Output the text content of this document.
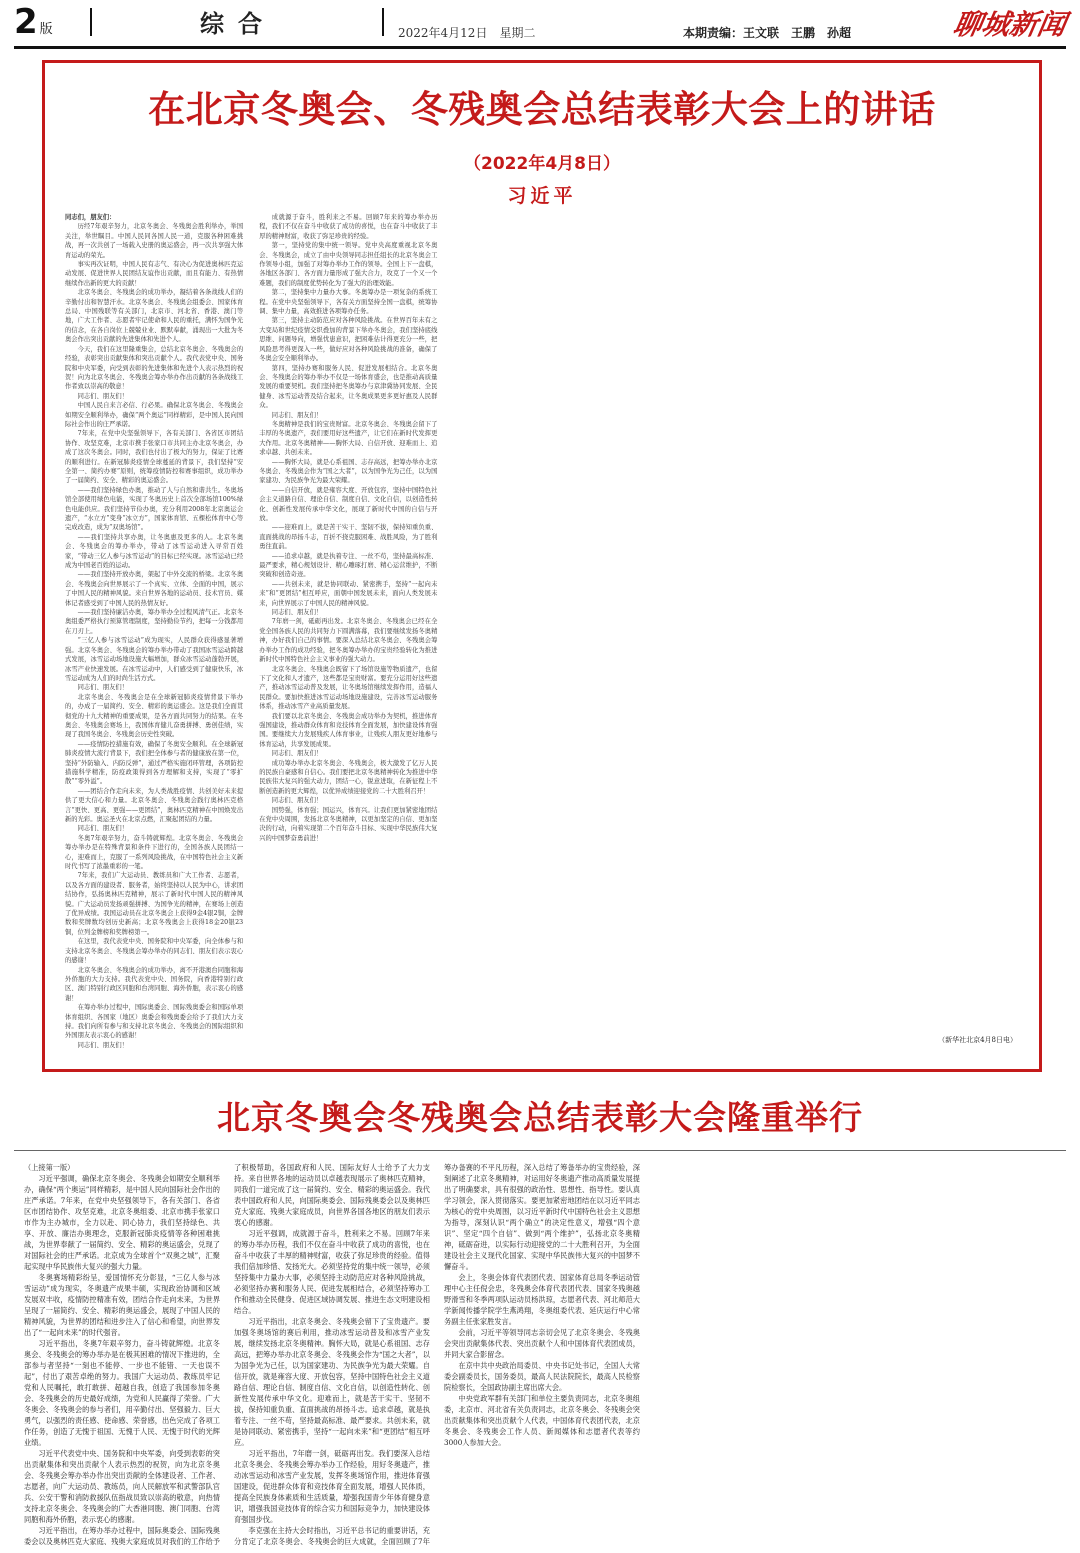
2 版	综合	2022年4月12日　星期二	本期责编：王文联　王鹏　孙超	聊城新闻
在北京冬奥会、冬残奥会总结表彰大会上的讲话
（2022年4月8日）
习近平

同志们，朋友们：

历经7年艰辛努力，北京冬奥会、冬残奥会胜利举办，举国关注，举世瞩目。中国人民同各国人民一道，克服各种困难挑战，再一次共创了一场载入史册的奥运盛会，再一次共享强大体育运动的荣光。

事实再次证明，中国人民有志气、有决心为促进奥林匹克运动发展、促进世界人民团结友谊作出贡献，而且有能力、有热情继续作出新的更大的贡献！

北京冬奥会、冬残奥会的成功举办，凝结着各条战线人们的辛勤付出和智慧汗水。北京冬奥会、冬残奥会组委会、国家体育总局、中国残联等有关部门，北京市、河北省、香港、澳门等地，广大工作者、志愿者牢记使命和人民的重托，满怀为国争光的信念，在各自岗位上兢兢业业、默默奉献，涌现出一大批为冬奥会作出突出贡献的先进集体和先进个人。

今天，我们在这里隆重集会，总结北京冬奥会、冬残奥会的经验，表彰突出贡献集体和突出贡献个人。我代表党中央、国务院和中央军委，向受到表彰的先进集体和先进个人表示热烈的祝贺！向为北京冬奥会、冬残奥会筹办举办作出贡献的各条战线工作者致以崇高的敬意！

同志们、朋友们！

中国人民自来言必信、行必果。确保北京冬奥会、冬残奥会如期安全顺利举办，确保“两个奥运”同样精彩，是中国人民向国际社会作出的庄严承诺。

7年来，在党中央坚强领导下，各有关部门、各省区市团结协作、攻坚克难，北京市携手张家口市共同主办北京冬奥会，办成了这次冬奥会。同时，我们也付出了极大的努力，保证了比赛的顺利进行。在新冠肺炎疫情全球蔓延的背景下，我们坚持“安全第一、简约办赛”原则，统筹疫情防控和赛事组织，成功举办了一届简约、安全、精彩的奥运盛会。

——我们坚持绿色办奥，推动了人与自然和谐共生。冬奥场馆全部使用绿色电能，实现了冬奥历史上首次全部场馆100%绿色电能供应。我们坚持节俭办奥，充分利用2008年北京奥运会遗产，“水立方”变身“冰立方”，国家体育馆、五棵松体育中心等完成改造，成为“双奥场馆”。

——我们坚持共享办奥，让冬奥惠及更多的人。北京冬奥会、冬残奥会的筹办举办，带动了冰雪运动进入寻常百姓家，“带动三亿人参与冰雪运动”的目标已经实现。冰雪运动已经成为中国老百姓的运动。

——我们坚持开放办奥，架起了中外交流的桥梁。北京冬奥会、冬残奥会向世界展示了一个真实、立体、全面的中国，展示了中国人民的精神风貌。来自世界各地的运动员、技术官员、媒体记者感受到了中国人民的热情友好。

——我们坚持廉洁办奥，筹办举办全过程风清气正。北京冬奥组委严格执行预算管理制度，坚持勤俭节约，把每一分钱都用在刀刃上。

“三亿人参与冰雪运动”成为现实，人民群众获得感显著增强。北京冬奥会、冬残奥会的筹办举办带动了我国冰雪运动跨越式发展，冰雪运动场地设施大幅增加，群众冰雪运动蓬勃开展，冰雪产业快速发展。在冰雪运动中，人们感受到了健康快乐，冰雪运动成为人们的时尚生活方式。

同志们、朋友们！

北京冬奥会、冬残奥会是在全球新冠肺炎疫情背景下举办的，办成了一届简约、安全、精彩的奥运盛会。这是我们全面贯彻党的十九大精神的重要成果，是各方面共同努力的结果。在冬奥会、冬残奥会赛场上，我国体育健儿奋勇拼搏、勇创佳绩，实现了我国冬奥会、冬残奥会历史性突破。

——疫情防控措施有效，确保了冬奥安全顺利。在全球新冠肺炎疫情大流行背景下，我们把全体参与者的健康放在第一位，坚持“外防输入、内防反弹”，通过严格实施闭环管理，各项防控措施科学精准，防疫政策得到各方理解和支持，实现了“零扩散”“零外溢”。

——团结合作走向未来，为人类战胜疫情、共创美好未来提供了更大信心和力量。北京冬奥会、冬残奥会践行奥林匹克格言“更快、更高、更强——更团结”，奥林匹克精神在中国焕发出新的光彩。奥运圣火在北京点燃，汇聚起团结的力量。

同志们、朋友们！

冬奥7年艰辛努力，奋斗铸就辉煌。北京冬奥会、冬残奥会筹办举办是在特殊背景和条件下进行的，全国各族人民团结一心，迎难而上，克服了一系列风险挑战，在中国特色社会主义新时代书写了浓墨重彩的一笔。

7年来，我们广大运动员、教练员和广大工作者、志愿者，以及各方面的建设者、服务者，始终坚持以人民为中心，讲求团结协作，弘扬奥林匹克精神，展示了新时代中国人民的精神风貌。广大运动员发扬顽强拼搏、为国争光的精神，在赛场上创造了优异成绩。我国运动员在北京冬奥会上获得9金4银2铜，金牌数和奖牌数均创历史新高；北京冬残奥会上获得18金20银23铜，位列金牌榜和奖牌榜第一。

在这里，我代表党中央、国务院和中央军委，向全体参与和支持北京冬奥会、冬残奥会筹办举办的同志们、朋友们表示衷心的感谢！

北京冬奥会、冬残奥会的成功举办，离不开港澳台同胞和海外侨胞的大力支持。我代表党中央、国务院，向香港特别行政区、澳门特别行政区同胞和台湾同胞、海外侨胞，表示衷心的感谢！

在筹办举办过程中，国际奥委会、国际残奥委会和国际单项体育组织、各国家（地区）奥委会和残奥委会给予了我们大力支持。我们向所有参与和支持北京冬奥会、冬残奥会的国际组织和外国朋友表示衷心的感谢！

同志们、朋友们！

成就源于奋斗，胜利来之不易。回顾7年来的筹办举办历程，我们不仅在奋斗中收获了成功的喜悦，也在奋斗中收获了丰厚的精神财富，收获了弥足珍贵的经验。

第一，坚持党的集中统一领导。党中央高度重视北京冬奥会、冬残奥会，成立了由中央领导同志担任组长的北京冬奥会工作领导小组，加强了对筹办举办工作的领导。全国上下一盘棋，各地区各部门、各方面力量形成了强大合力，攻克了一个又一个难题，我们的制度优势转化为了强大的治理效能。

第二，坚持集中力量办大事。冬奥筹办是一项复杂的系统工程。在党中央坚强领导下，各有关方面坚持全国一盘棋，统筹协调、集中力量，高效推进各项筹办任务。

第三，坚持主动防范应对各种风险挑战。在世界百年未有之大变局和世纪疫情交织叠加的背景下举办冬奥会，我们坚持底线思维、问题导向，增强忧患意识，把困难估计得更充分一些，把风险思考得更深入一些，做好应对各种风险挑战的准备，确保了冬奥会安全顺利举办。

第四，坚持办赛和服务人民、促进发展相结合。北京冬奥会、冬残奥会的筹办举办不仅是一场体育盛会，也是推动高质量发展的重要契机。我们坚持把冬奥筹办与京津冀协同发展、全民健身、冰雪运动普及结合起来，让冬奥成果更多更好惠及人民群众。

同志们、朋友们！

冬奥精神是我们的宝贵财富。北京冬奥会、冬残奥会留下了丰厚的冬奥遗产，我们要用好这些遗产，让它们在新时代发挥更大作用。北京冬奥精神——胸怀大局、自信开放、迎难而上、追求卓越、共创未来。

——胸怀大局，就是心系祖国、志存高远，把筹办举办北京冬奥会、冬残奥会作为“国之大者”，以为国争光为己任，以为国家建功、为民族争光为最大荣耀。

——自信开放，就是雍容大度、开放包容，坚持中国特色社会主义道路自信、理论自信、制度自信、文化自信，以创造性转化、创新性发展传承中华文化，展现了新时代中国的自信与开放。

——迎难而上，就是苦干实干、坚韧不拔，保持知重负重、直面挑战的昂扬斗志，百折不挠克服困难、战胜风险，为了胜利勇往直前。

——追求卓越，就是执着专注、一丝不苟，坚持最高标准、最严要求，精心规划设计、精心雕琢打磨、精心运营维护，不断突破和创造奇迹。

——共创未来，就是协同联动、紧密携手，坚持“一起向未来”和“更团结”相互呼应，面朝中国发展未来，面向人类发展未来，向世界展示了中国人民的精神风貌。

同志们、朋友们！

7年磨一剑，砥砺再出发。北京冬奥会、冬残奥会已经在全党全国各族人民的共同努力下圆满落幕，我们要继续发扬冬奥精神，办好我们自己的事情。要深入总结北京冬奥会、冬残奥会筹办举办工作的成功经验，把冬奥筹办举办的宝贵经验转化为推进新时代中国特色社会主义事业的强大动力。

北京冬奥会、冬残奥会既留下了场馆设施等物质遗产，也留下了文化和人才遗产，这些都是宝贵财富。要充分运用好这些遗产，推动冰雪运动普及发展，让冬奥场馆继续发挥作用，造福人民群众。要加快推进冰雪运动场地设施建设，完善冰雪运动服务体系，推动冰雪产业高质量发展。

我们要以北京冬奥会、冬残奥会成功举办为契机，推进体育强国建设，推动群众体育和竞技体育全面发展，加快建设体育强国。要继续大力发展残疾人体育事业，让残疾人朋友更好地参与体育运动，共享发展成果。

同志们、朋友们！

成功筹办举办北京冬奥会、冬残奥会，极大激发了亿万人民的民族自豪感和自信心。我们要把北京冬奥精神转化为推进中华民族伟大复兴的强大动力，团结一心，锐意进取，在新征程上不断创造新的更大辉煌，以优异成绩迎接党的二十大胜利召开！

同志们、朋友们！

国势强，体育强；国运兴，体育兴。让我们更加紧密地团结在党中央周围，发扬北京冬奥精神，以更加坚定的自信、更加坚决的行动，向着实现第二个百年奋斗目标、实现中华民族伟大复兴的中国梦奋勇前进！

（新华社北京4月8日电）
北京冬奥会冬残奥会总结表彰大会隆重举行

（上接第一版）

习近平强调，确保北京冬奥会、冬残奥会如期安全顺利举办，确保“两个奥运”同样精彩，是中国人民向国际社会作出的庄严承诺。7年来，在党中央坚强领导下，各有关部门、各省区市团结协作、攻坚克难，北京冬奥组委、北京市携手张家口市作为主办城市，全力以赴、同心协力，我们坚持绿色、共享、开放、廉洁办奥理念，克服新冠肺炎疫情等各种困难挑战，为世界奉献了一届简约、安全、精彩的奥运盛会，兑现了对国际社会的庄严承诺。北京成为全球首个“双奥之城”，汇聚起实现中华民族伟大复兴的强大力量。

冬奥赛场精彩纷呈，爱国情怀充分彰显，“三亿人参与冰雪运动”成为现实，冬奥遗产成果丰硕，实现政治协调和区域发展双丰收，疫情防控精准有效，团结合作走向未来，为世界呈现了一届简约、安全、精彩的奥运盛会，展现了中国人民的精神风貌，为世界的团结和进步注入了信心和希望，向世界发出了“一起向未来”的时代强音。

习近平指出，冬奥7年艰辛努力，奋斗铸就辉煌。北京冬奥会、冬残奥会的筹办举办是在极其困难的情况下推进的，全部参与者坚持“一刻也不能停、一步也不能错、一天也误不起”，付出了艰苦卓绝的努力。我国广大运动员、教练员牢记党和人民嘱托，敢打敢拼、超越自我，创造了我国参加冬奥会、冬残奥会的历史最好成绩，为党和人民赢得了荣誉。广大冬奥会、冬残奥会的参与者们，用辛勤付出、坚强毅力、巨大勇气，以强烈的责任感、使命感、荣誉感，出色完成了各项工作任务，创造了无愧于祖国、无愧于人民、无愧于时代的光辉业绩。

习近平代表党中央、国务院和中央军委，向受到表彰的突出贡献集体和突出贡献个人表示热烈的祝贺，向为北京冬奥会、冬残奥会筹办举办作出突出贡献的全体建设者、工作者、志愿者，向广大运动员、教练员，向人民解放军和武警部队官兵、公安干警和消防救援队伍指战员致以崇高的敬意，向热情支持北京冬奥会、冬残奥会的广大香港同胞、澳门同胞、台湾同胞和海外侨胞，表示衷心的感谢。

习近平指出，在筹办举办过程中，国际奥委会、国际残奥委会以及奥林匹克大家庭、残奥大家庭成员对我们的工作给予了积极帮助，各国政府和人民、国际友好人士给予了大力支持。来自世界各地的运动员以卓越表现展示了奥林匹克精神，同我们一道完成了这一届简约、安全、精彩的奥运盛会。我代表中国政府和人民，向国际奥委会、国际残奥委会以及奥林匹克大家庭、残奥大家庭成员，向世界各国各地区的朋友们表示衷心的感谢。

习近平强调，成就源于奋斗，胜利来之不易。回顾7年来的筹办举办历程，我们不仅在奋斗中收获了成功的喜悦，也在奋斗中收获了丰厚的精神财富，收获了弥足珍贵的经验。值得我们倍加珍惜、发扬光大。必须坚持党的集中统一领导，必须坚持集中力量办大事，必须坚持主动防范应对各种风险挑战，必须坚持办赛和服务人民、促进发展相结合，必须坚持筹办工作和推动全民健身、促进区域协调发展、推进生态文明建设相结合。

习近平指出，北京冬奥会、冬残奥会留下了宝贵遗产。要加强冬奥场馆的赛后利用，推动冰雪运动普及和冰雪产业发展，继续发扬北京冬奥精神。胸怀大局，就是心系祖国、志存高远，把筹办举办北京冬奥会、冬残奥会作为“国之大者”，以为国争光为己任，以为国家建功、为民族争光为最大荣耀。自信开放，就是雍容大度、开放包容，坚持中国特色社会主义道路自信、理论自信、制度自信、文化自信，以创造性转化、创新性发展传承中华文化。迎难而上，就是苦干实干、坚韧不拔，保持知重负重、直面挑战的昂扬斗志。追求卓越，就是执着专注、一丝不苟，坚持最高标准、最严要求。共创未来，就是协同联动、紧密携手，坚持“一起向未来”和“更团结”相互呼应。

习近平指出，7年磨一剑，砥砺再出发。我们要深入总结北京冬奥会、冬残奥会筹办举办工作经验，用好冬奥遗产，推动冰雪运动和冰雪产业发展，发挥冬奥场馆作用，推进体育强国建设，促进群众体育和竞技体育全面发展，增强人民体质，提高全民族身体素质和生活质量，增强我国青少年体育健身意识，增强我国竞技体育的综合实力和国际竞争力，加快建设体育强国步伐。

李克强在主持大会时指出，习近平总书记的重要讲话，充分肯定了北京冬奥会、冬残奥会的巨大成就，全面回顾了7年筹办备赛的不平凡历程，深入总结了筹备举办的宝贵经验，深刻阐述了北京冬奥精神，对运用好冬奥遗产推动高质量发展提出了明确要求，具有很强的政治性、思想性、指导性。要认真学习领会，深入贯彻落实。要更加紧密地团结在以习近平同志为核心的党中央周围，以习近平新时代中国特色社会主义思想为指导，深刻认识“两个确立”的决定性意义，增强“四个意识”、坚定“四个自信”、做到“两个维护”，弘扬北京冬奥精神，砥砺奋进，以实际行动迎接党的二十大胜利召开，为全面建设社会主义现代化国家、实现中华民族伟大复兴的中国梦不懈奋斗。

会上，冬奥会体育代表团代表、国家体育总局冬季运动管理中心主任倪会忠，冬残奥会体育代表团代表、国家冬残奥越野滑雪和冬季两项队运动员杨洪琼，志愿者代表、河北师范大学新闻传播学院学生燕鸿翔，冬奥组委代表、延庆运行中心常务副主任张家胜发言。

会前，习近平等领导同志亲切会见了北京冬奥会、冬残奥会突出贡献集体代表、突出贡献个人和中国体育代表团成员，并同大家合影留念。

在京中共中央政治局委员、中央书记处书记，全国人大常委会副委员长，国务委员，最高人民法院院长，最高人民检察院检察长，全国政协副主席出席大会。

中央党政军群有关部门和单位主要负责同志，北京冬奥组委，北京市、河北省有关负责同志，北京冬奥会、冬残奥会突出贡献集体和突出贡献个人代表，中国体育代表团代表，北京冬奥会、冬残奥会工作人员、新闻媒体和志愿者代表等约3000人参加大会。
